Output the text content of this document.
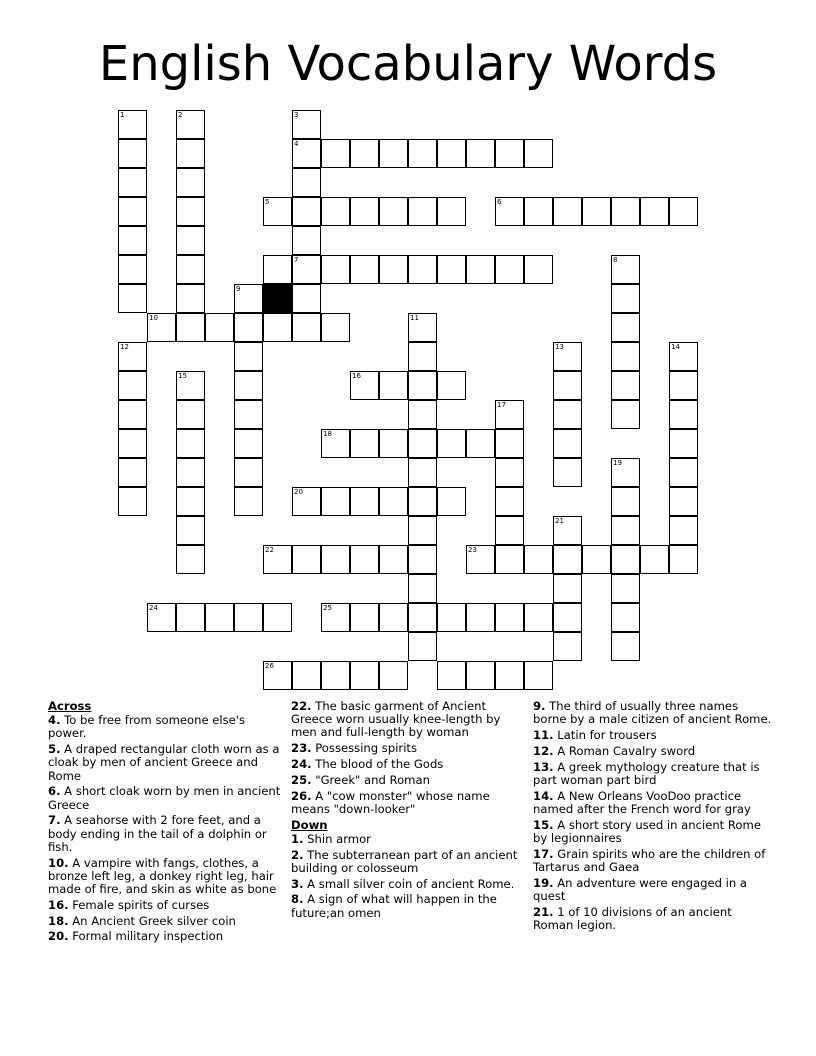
English Vocabulary Words
1	2	3
4
7
5	6
8
9
10	11
12	13	14
15	16
17
18
19
20
21
22	23
24	25
26
Across

4. To be free from someone else's power.

5. A draped rectangular cloth worn as a cloak by men of ancient Greece and Rome

6. A short cloak worn by men in ancient Greece

7. A seahorse with 2 fore feet, and a body ending in the tail of a dolphin or fish.

10. A vampire with fangs, clothes, a bronze left leg, a donkey right leg, hair made of fire, and skin as white as bone

16. Female spirits of curses

18. An Ancient Greek silver coin

20. Formal military inspection

22. The basic garment of Ancient Greece worn usually knee-length by men and full-length by woman

23. Possessing spirits

24. The blood of the Gods

25. "Greek" and Roman

26. A "cow monster" whose name means "down-looker"

Down

1. Shin armor

2. The subterranean part of an ancient building or colosseum

3. A small silver coin of ancient Rome.

8. A sign of what will happen in the future;an omen

9. The third of usually three names borne by a male citizen of ancient Rome.

11. Latin for trousers

12. A Roman Cavalry sword

13. A greek mythology creature that is part woman part bird

14. A New Orleans VooDoo practice named after the French word for gray

15. A short story used in ancient Rome by legionnaires

17. Grain spirits who are the children of Tartarus and Gaea

19. An adventure were engaged in a quest

21. 1 of 10 divisions of an ancient Roman legion.
